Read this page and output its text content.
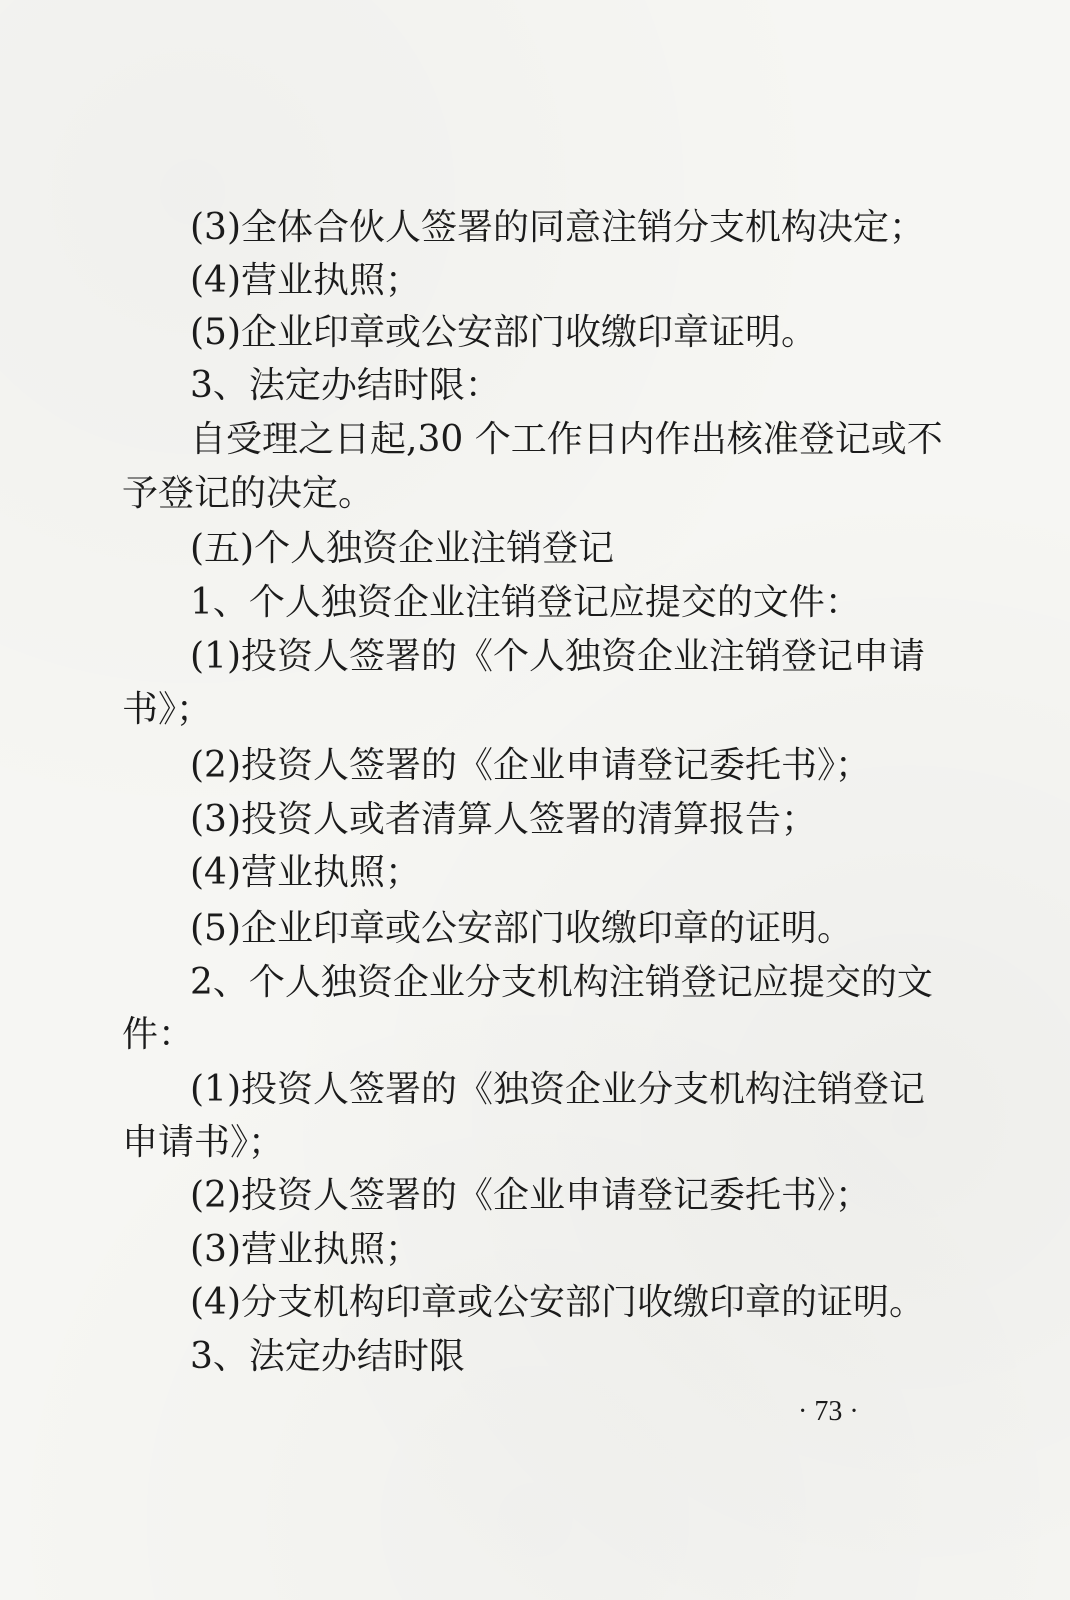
(3)全体合伙人签署的同意注销分支机构决定；
(4)营业执照；
(5)企业印章或公安部门收缴印章证明。
3、法定办结时限：
自受理之日起,30 个工作日内作出核准登记或不
予登记的决定。
(五)个人独资企业注销登记
1、个人独资企业注销登记应提交的文件：
(1)投资人签署的《个人独资企业注销登记申请
书》；
(2)投资人签署的《企业申请登记委托书》；
(3)投资人或者清算人签署的清算报告；
(4)营业执照；
(5)企业印章或公安部门收缴印章的证明。
2、个人独资企业分支机构注销登记应提交的文
件：
(1)投资人签署的《独资企业分支机构注销登记
申请书》；
(2)投资人签署的《企业申请登记委托书》；
(3)营业执照；
(4)分支机构印章或公安部门收缴印章的证明。
3、法定办结时限
· 73 ·
